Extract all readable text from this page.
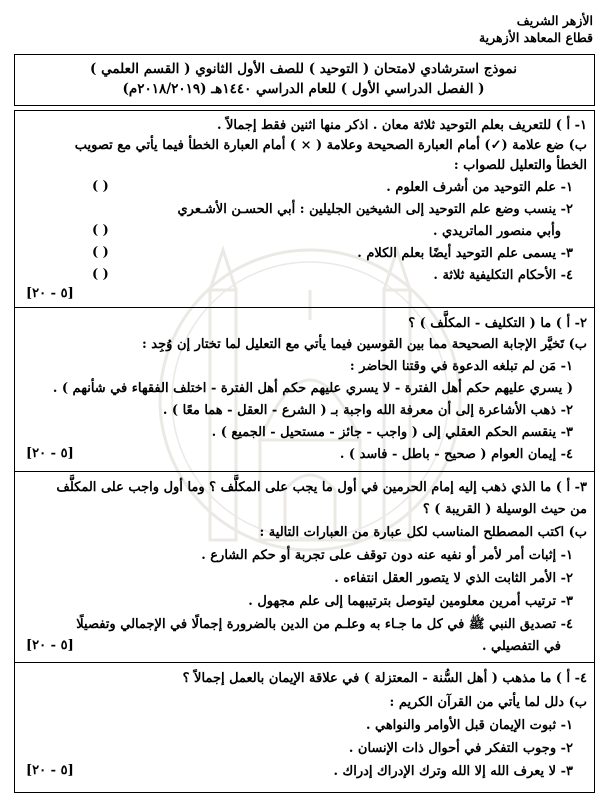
الأزهر الشريف
قطاع المعاهد الأزهرية
نموذج استرشادي لامتحان ( التوحيد ) للصف الأول الثانوي ( القسم العلمي )
( الفصل الدراسي الأول ) للعام الدراسي ١٤٤٠هـ (٢٠١٨/٢٠١٩م)
١- أ ) للتعريف بعلم التوحيد ثلاثة معان . اذكر منها اثنين فقط إجمالاً .
ب) ضع علامة (✓) أمام العبارة الصحيحة وعلامة ( × ) أمام العبارة الخطأ فيما يأتي مع تصويب
الخطأ والتعليل للصواب :
١- علم التوحيد من أشرف العلوم .
( )
٢- ينسب وضع علم التوحيد إلى الشيخين الجليلين : أبي الحسـن الأشـعري
وأبي منصور الماتريدي .
( )
٣- يسمى علم التوحيد أيضًا بعلم الكلام .
( )
٤- الأحكام التكليفية ثلاثة .
( )
[٥ - ٢٠]
٢- أ ) ما ( التكليف - المكلَّف ) ؟
ب) تَخيَّر الإجابة الصحيحة مما بين القوسين فيما يأتي مع التعليل لما تختار إن وُجِد :
١- مَن لم تبلغه الدعوة في وقتنا الحاضر :
( يسري عليهم حكم أهل الفترة - لا يسري عليهم حكم أهل الفترة - اختلف الفقهاء في شأنهم ) .
٢- ذهب الأشاعرة إلى أن معرفة الله واجبة بـ ( الشرع - العقل - هما معًا ) .
٣- ينقسم الحكم العقلي إلى ( واجب - جائز - مستحيل - الجميع ) .
٤- إيمان العوام ( صحيح - باطل - فاسد ) .
[٥ - ٢٠]
٣- أ ) ما الذي ذهب إليه إمام الحرمين في أول ما يجب على المكلَّف ؟ وما أول واجب على المكلَّف
من حيث الوسيلة ( القريبة ) ؟
ب) اكتب المصطلح المناسب لكل عبارة من العبارات التالية :
١- إثبات أمر لأمر أو نفيه عنه دون توقف على تجربة أو حكم الشارع .
٢- الأمر الثابت الذي لا يتصور العقل انتفاءه .
٣- ترتيب أمرين معلومين ليتوصل بترتيبهما إلى علم مجهول .
٤- تصديق النبي ﷺ في كل ما جـاء به وعلـم من الدين بالضرورة إجمالًا في الإجمالي وتفصيلًا
في التفصيلي .
[٥ - ٢٠]
٤- أ ) ما مذهب ( أهل السُّنة - المعتزلة ) في علاقة الإيمان بالعمل إجمالاً ؟
ب) دلل لما يأتي من القرآن الكريم :
١- ثبوت الإيمان قبل الأوامر والنواهي .
٢- وجوب التفكر في أحوال ذات الإنسان .
٣- لا يعرف الله إلا الله وترك الإدراك إدراك .
[٥ - ٢٠]
